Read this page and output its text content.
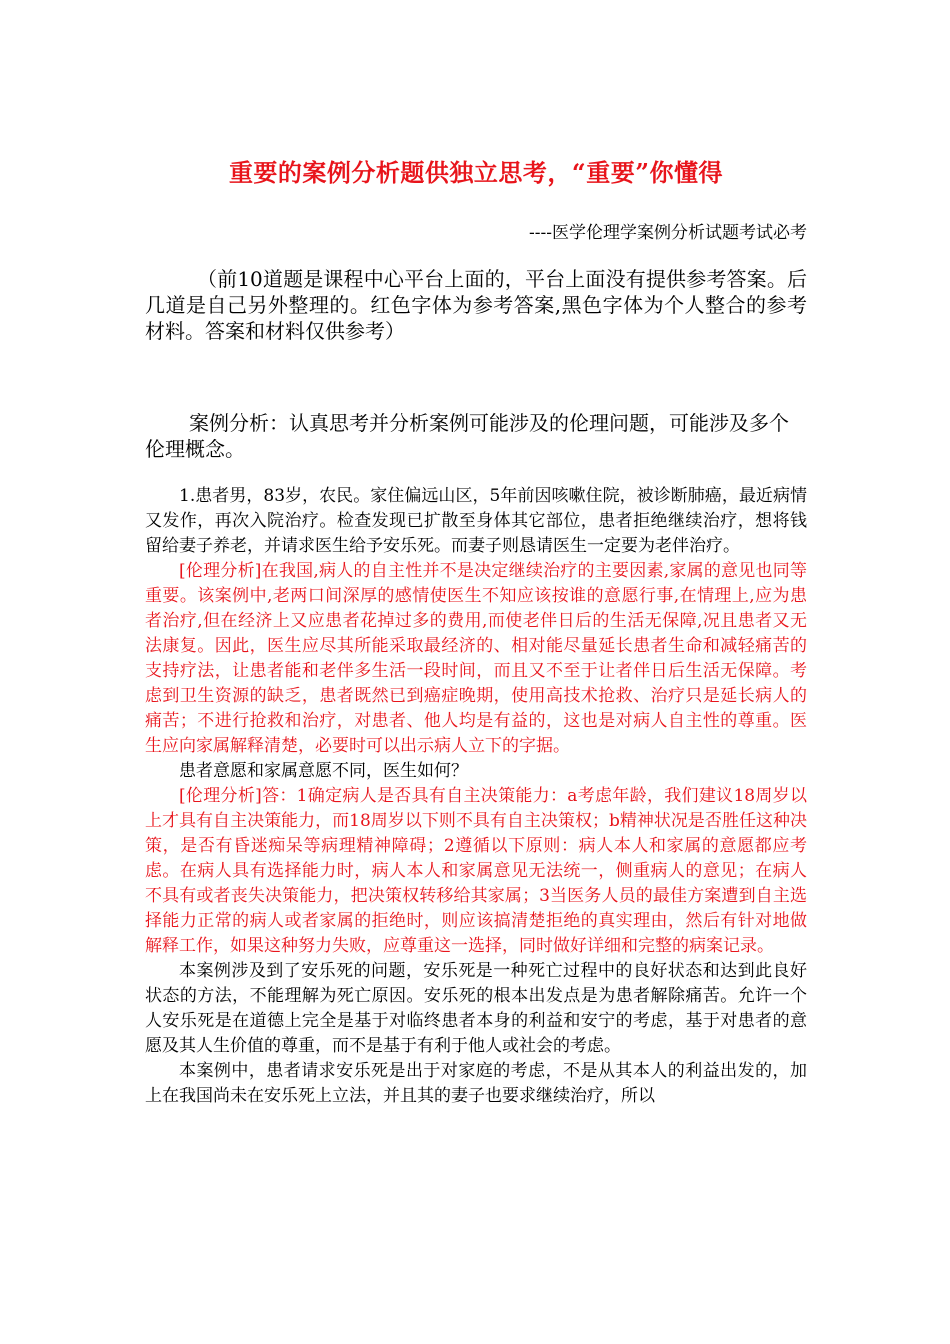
重要的案例分析题供独立思考，“重要”你懂得
----医学伦理学案例分析试题考试必考

（前10道题是课程中心平台上面的，平台上面没有提供参考答案。后几道是自己另外整理的。红色字体为参考答案,黑色字体为个人整合的参考材料。答案和材料仅供参考）

案例分析：认真思考并分析案例可能涉及的伦理问题，可能涉及多个伦理概念。

1.患者男，83岁，农民。家住偏远山区，5年前因咳嗽住院，被诊断肺癌，最近病情又发作，再次入院治疗。检查发现已扩散至身体其它部位，患者拒绝继续治疗，想将钱留给妻子养老，并请求医生给予安乐死。而妻子则恳请医生一定要为老伴治疗。

[伦理分析]在我国,病人的自主性并不是决定继续治疗的主要因素,家属的意见也同等重要。该案例中,老两口间深厚的感情使医生不知应该按谁的意愿行事,在情理上,应为患者治疗,但在经济上又应患者花掉过多的费用,而使老伴日后的生活无保障,况且患者又无法康复。因此，医生应尽其所能采取最经济的、相对能尽量延长患者生命和减轻痛苦的支持疗法，让患者能和老伴多生活一段时间，而且又不至于让者伴日后生活无保障。考虑到卫生资源的缺乏，患者既然已到癌症晚期，使用高技术抢救、治疗只是延长病人的痛苦；不进行抢救和治疗，对患者、他人均是有益的，这也是对病人自主性的尊重。医生应向家属解释清楚，必要时可以出示病人立下的字据。

患者意愿和家属意愿不同，医生如何？

[伦理分析]答：1确定病人是否具有自主决策能力：a考虑年龄，我们建议18周岁以上才具有自主决策能力，而18周岁以下则不具有自主决策权；b精神状况是否胜任这种决策，是否有昏迷痴呆等病理精神障碍；2遵循以下原则：病人本人和家属的意愿都应考虑。在病人具有选择能力时，病人本人和家属意见无法统一，侧重病人的意见；在病人不具有或者丧失决策能力，把决策权转移给其家属；3当医务人员的最佳方案遭到自主选择能力正常的病人或者家属的拒绝时，则应该搞清楚拒绝的真实理由，然后有针对地做解释工作，如果这种努力失败，应尊重这一选择，同时做好详细和完整的病案记录。

本案例涉及到了安乐死的问题，安乐死是一种死亡过程中的良好状态和达到此良好状态的方法，不能理解为死亡原因。安乐死的根本出发点是为患者解除痛苦。允许一个人安乐死是在道德上完全是基于对临终患者本身的利益和安宁的考虑，基于对患者的意愿及其人生价值的尊重，而不是基于有利于他人或社会的考虑。

本案例中，患者请求安乐死是出于对家庭的考虑，不是从其本人的利益出发的，加上在我国尚未在安乐死上立法，并且其的妻子也要求继续治疗，所以
